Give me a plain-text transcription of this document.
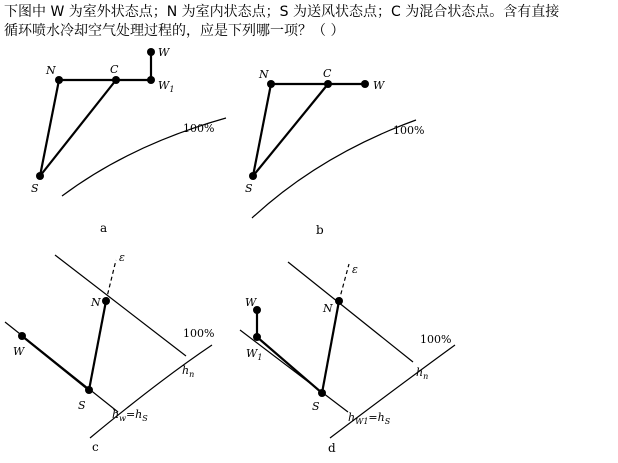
下图中 W 为室外状态点；N 为室内状态点；S 为送风状态点；C 为混合状态点。含有直接
循环喷水冷却空气处理过程的，应是下列哪一项？（ ）
W
$W_1$
N	C
S
100%
a
W
N	C
S
100%
b
ε
N
W
S
100%
$h_n$
$h_w=h_S$
c
ε
N
W
$W_1$
S
100%
$h_n$
$h_{W1}=h_S$
d
